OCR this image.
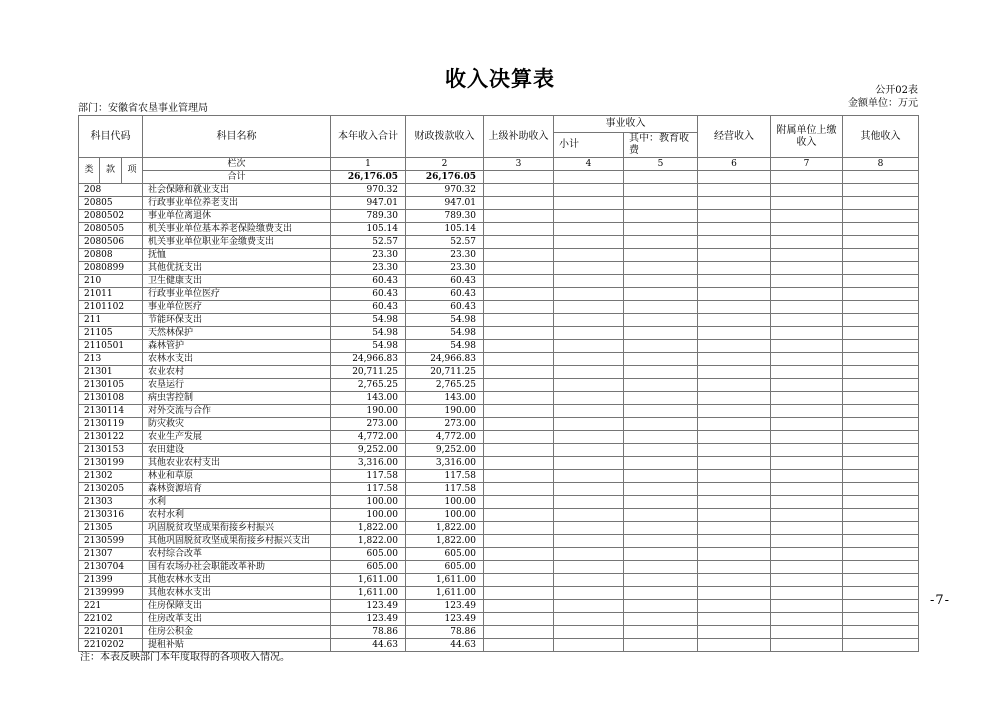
收入决算表	公开02表
金额单位：万元
部门：安徽省农垦事业管理局
科目代码			科目名称	本年收入合计	财政拨款收入	上级补助收入	事业收入		经营收入	附属单位上缴收入	其他收入
							小计	其中：教育收费			
类	款	项	栏次	1	2	3	4	5	6	7	8
			合计	26,176.05	26,176.05						
208			社会保障和就业支出	970.32	970.32						
20805			行政事业单位养老支出	947.01	947.01						
2080502			事业单位离退休	789.30	789.30						
2080505			机关事业单位基本养老保险缴费支出	105.14	105.14						
2080506			机关事业单位职业年金缴费支出	52.57	52.57						
20808			抚恤	23.30	23.30						
2080899			其他优抚支出	23.30	23.30						
210			卫生健康支出	60.43	60.43						
21011			行政事业单位医疗	60.43	60.43						
2101102			事业单位医疗	60.43	60.43						
211			节能环保支出	54.98	54.98						
21105			天然林保护	54.98	54.98						
2110501			森林管护	54.98	54.98						
213			农林水支出	24,966.83	24,966.83						
21301			农业农村	20,711.25	20,711.25						
2130105			农垦运行	2,765.25	2,765.25						
2130108			病虫害控制	143.00	143.00						
2130114			对外交流与合作	190.00	190.00						
2130119			防灾救灾	273.00	273.00						
2130122			农业生产发展	4,772.00	4,772.00						
2130153			农田建设	9,252.00	9,252.00						
2130199			其他农业农村支出	3,316.00	3,316.00						
21302			林业和草原	117.58	117.58						
2130205			森林资源培育	117.58	117.58						
21303			水利	100.00	100.00						
2130316			农村水利	100.00	100.00						
21305			巩固脱贫攻坚成果衔接乡村振兴	1,822.00	1,822.00						
2130599			其他巩固脱贫攻坚成果衔接乡村振兴支出	1,822.00	1,822.00						
21307			农村综合改革	605.00	605.00						
2130704			国有农场办社会职能改革补助	605.00	605.00						
21399			其他农林水支出	1,611.00	1,611.00						
2139999			其他农林水支出	1,611.00	1,611.00						
221			住房保障支出	123.49	123.49						
22102			住房改革支出	123.49	123.49						
2210201			住房公积金	78.86	78.86						
2210202			提租补贴	44.63	44.63						
注：本表反映部门本年度取得的各项收入情况。
-7-
